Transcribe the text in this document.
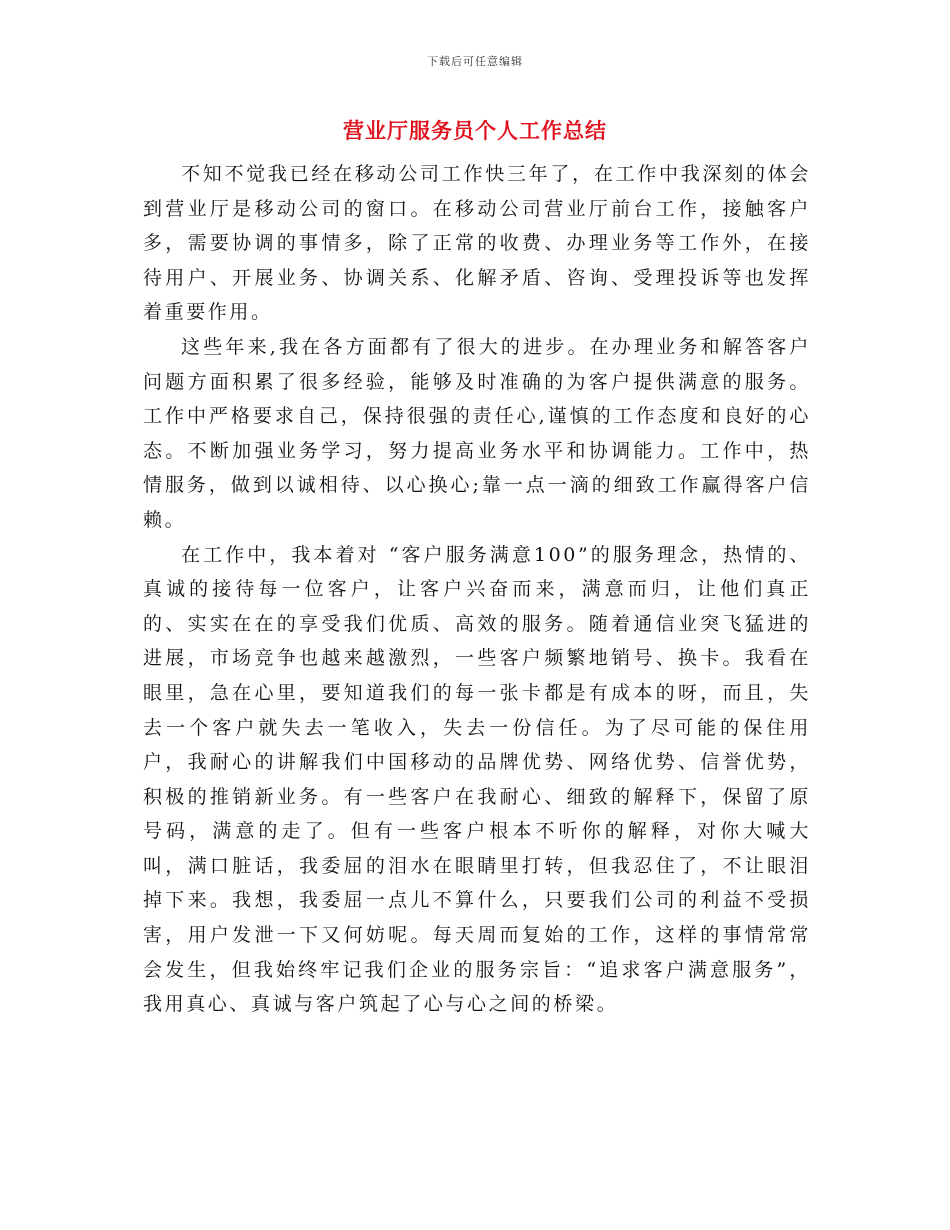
下载后可任意编辑
营业厅服务员个人工作总结

不知不觉我已经在移动公司工作快三年了，在工作中我深刻的体会到营业厅是移动公司的窗口。在移动公司营业厅前台工作，接触客户多，需要协调的事情多，除了正常的收费、办理业务等工作外，在接待用户、开展业务、协调关系、化解矛盾、咨询、受理投诉等也发挥着重要作用。

这些年来,我在各方面都有了很大的进步。在办理业务和解答客户问题方面积累了很多经验，能够及时准确的为客户提供满意的服务。工作中严格要求自己，保持很强的责任心,谨慎的工作态度和良好的心态。不断加强业务学习，努力提高业务水平和协调能力。工作中，热情服务，做到以诚相待、以心换心;靠一点一滴的细致工作赢得客户信赖。

在工作中，我本着对 “客户服务满意100”的服务理念，热情的、真诚的接待每一位客户，让客户兴奋而来，满意而归，让他们真正的、实实在在的享受我们优质、高效的服务。随着通信业突飞猛进的进展，市场竞争也越来越激烈，一些客户频繁地销号、换卡。我看在眼里，急在心里，要知道我们的每一张卡都是有成本的呀，而且，失去一个客户就失去一笔收入，失去一份信任。为了尽可能的保住用户，我耐心的讲解我们中国移动的品牌优势、网络优势、信誉优势，积极的推销新业务。有一些客户在我耐心、细致的解释下，保留了原号码，满意的走了。但有一些客户根本不听你的解释，对你大喊大叫，满口脏话，我委屈的泪水在眼睛里打转，但我忍住了，不让眼泪掉下来。我想，我委屈一点儿不算什么，只要我们公司的利益不受损害，用户发泄一下又何妨呢。每天周而复始的工作，这样的事情常常会发生，但我始终牢记我们企业的服务宗旨：“追求客户满意服务”，我用真心、真诚与客户筑起了心与心之间的桥梁。
